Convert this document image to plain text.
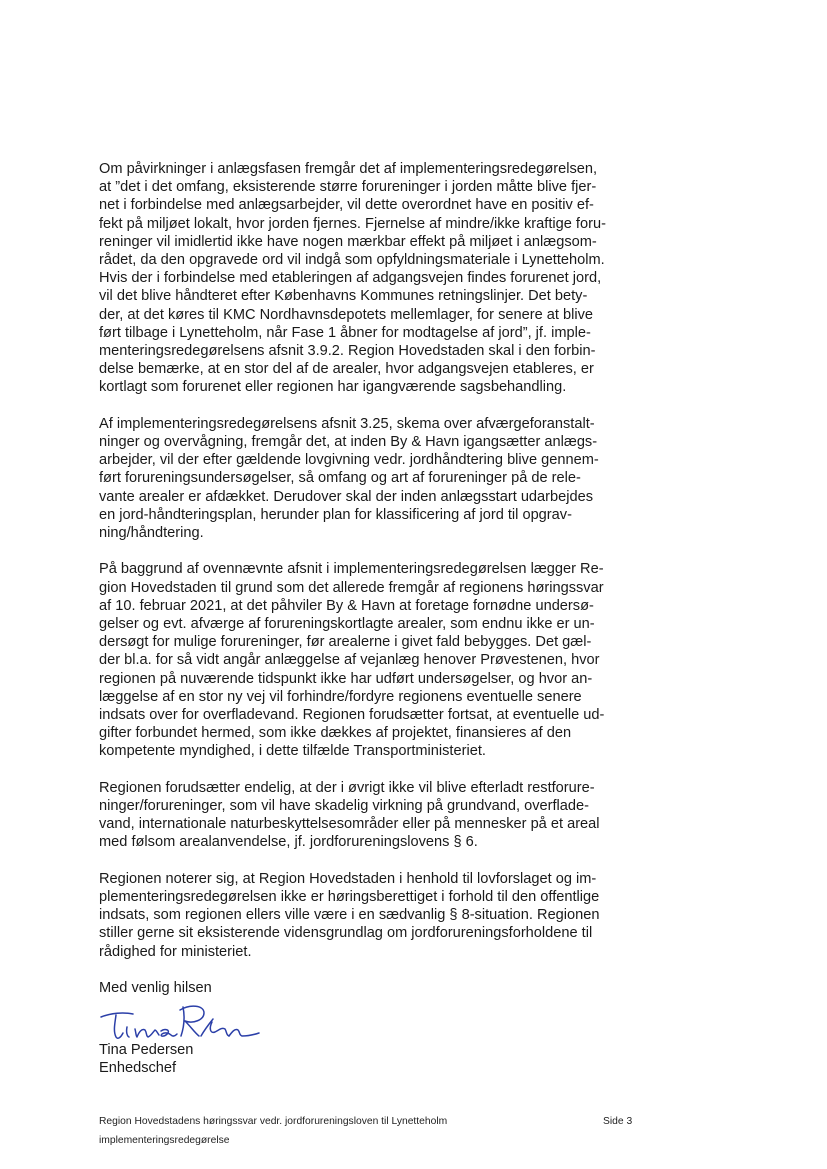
Om påvirkninger i anlægsfasen fremgår det af implementeringsredegørelsen,
at ”det i det omfang, eksisterende større forureninger i jorden måtte blive fjer-
net i forbindelse med anlægsarbejder, vil dette overordnet have en positiv ef-
fekt på miljøet lokalt, hvor jorden fjernes. Fjernelse af mindre/ikke kraftige foru-
reninger vil imidlertid ikke have nogen mærkbar effekt på miljøet i anlægsom-
rådet, da den opgravede ord vil indgå som opfyldningsmateriale i Lynetteholm.
Hvis der i forbindelse med etableringen af adgangsvejen findes forurenet jord,
vil det blive håndteret efter Københavns Kommunes retningslinjer. Det bety-
der, at det køres til KMC Nordhavnsdepotets mellemlager, for senere at blive
ført tilbage i Lynetteholm, når Fase 1 åbner for modtagelse af jord”, jf. imple-
menteringsredegørelsens afsnit 3.9.2. Region Hovedstaden skal i den forbin-
delse bemærke, at en stor del af de arealer, hvor adgangsvejen etableres, er
kortlagt som forurenet eller regionen har igangværende sagsbehandling.

Af implementeringsredegørelsens afsnit 3.25, skema over afværgeforanstalt-
ninger og overvågning, fremgår det, at inden By & Havn igangsætter anlægs-
arbejder, vil der efter gældende lovgivning vedr. jordhåndtering blive gennem-
ført forureningsundersøgelser, så omfang og art af forureninger på de rele-
vante arealer er afdækket. Derudover skal der inden anlægsstart udarbejdes
en jord-håndteringsplan, herunder plan for klassificering af jord til opgrav-
ning/håndtering.

På baggrund af ovennævnte afsnit i implementeringsredegørelsen lægger Re-
gion Hovedstaden til grund som det allerede fremgår af regionens høringssvar
af 10. februar 2021, at det påhviler By & Havn at foretage fornødne undersø-
gelser og evt. afværge af forureningskortlagte arealer, som endnu ikke er un-
dersøgt for mulige forureninger, før arealerne i givet fald bebygges. Det gæl-
der bl.a. for så vidt angår anlæggelse af vejanlæg henover Prøvestenen, hvor
regionen på nuværende tidspunkt ikke har udført undersøgelser, og hvor an-
læggelse af en stor ny vej vil forhindre/fordyre regionens eventuelle senere
indsats over for overfladevand. Regionen forudsætter fortsat, at eventuelle ud-
gifter forbundet hermed, som ikke dækkes af projektet, finansieres af den
kompetente myndighed, i dette tilfælde Transportministeriet.

Regionen forudsætter endelig, at der i øvrigt ikke vil blive efterladt restforure-
ninger/forureninger, som vil have skadelig virkning på grundvand, overflade-
vand, internationale naturbeskyttelsesområder eller på mennesker på et areal
med følsom arealanvendelse, jf. jordforureningslovens § 6.

Regionen noterer sig, at Region Hovedstaden i henhold til lovforslaget og im-
plementeringsredegørelsen ikke er høringsberettiget i forhold til den offentlige
indsats, som regionen ellers ville være i en sædvanlig § 8-situation. Regionen
stiller gerne sit eksisterende vidensgrundlag om jordforureningsforholdene til
rådighed for ministeriet.

Med venlig hilsen

Tina Pedersen

Enhedschef

Region Hovedstadens høringssvar vedr. jordforureningsloven til Lynetteholm
implementeringsredegørelse
Side 3
